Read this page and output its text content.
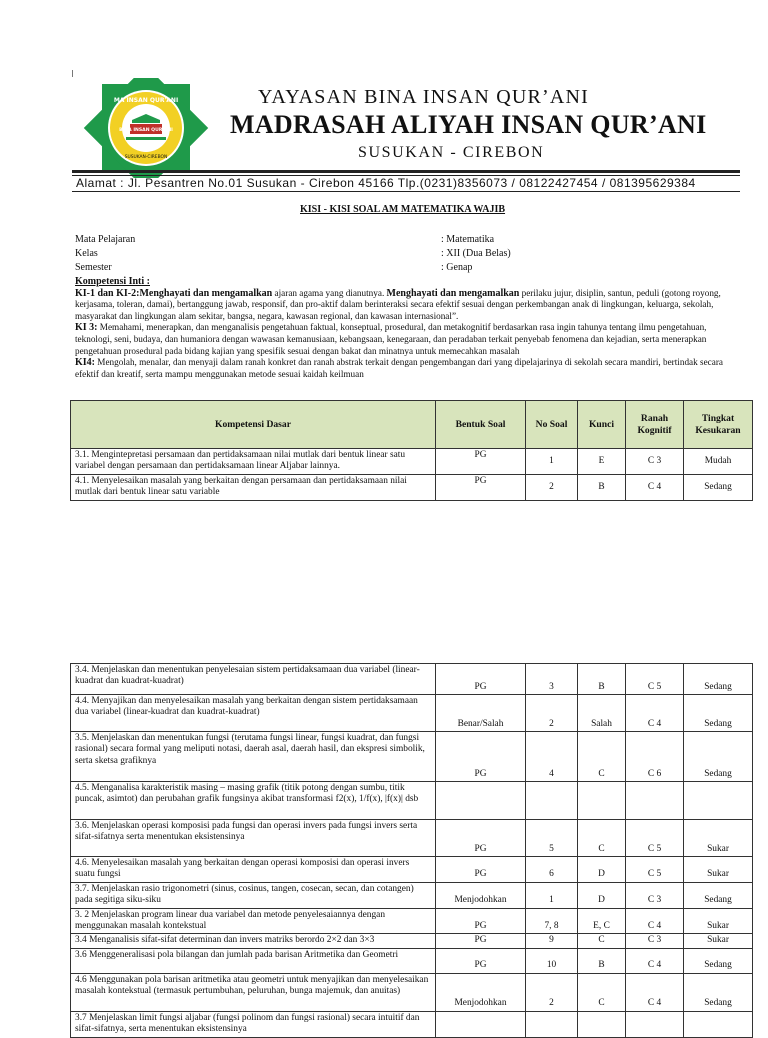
MA INSAN QUR'ANI
BINA INSAN QUR'ANI
SUSUKAN-CIREBON
YAYASAN BINA INSAN QUR’ANI
MADRASAH ALIYAH INSAN QUR’ANI
SUSUKAN - CIREBON
Alamat : Jl. Pesantren No.01 Susukan - Cirebon 45166 Tlp.(0231)8356073 / 08122427454 / 081395629384
KISI - KISI SOAL AM MATEMATIKA WAJIB
Mata Pelajaran	: Matematika
Kelas	: XII (Dua Belas)
Semester	: Genap

Kompetensi Inti :

KI-1 dan KI-2:Menghayati dan mengamalkan ajaran agama yang dianutnya. Menghayati dan mengamalkan perilaku jujur, disiplin, santun, peduli (gotong royong, kerjasama, toleran, damai), bertanggung jawab, responsif, dan pro-aktif dalam berinteraksi secara efektif sesuai dengan perkembangan anak di lingkungan, keluarga, sekolah, masyarakat dan lingkungan alam sekitar, bangsa, negara, kawasan regional, dan kawasan internasional”.

KI 3: Memahami, menerapkan, dan menganalisis pengetahuan faktual, konseptual, prosedural, dan metakognitif berdasarkan rasa ingin tahunya tentang ilmu pengetahuan, teknologi, seni, budaya, dan humaniora dengan wawasan kemanusiaan, kebangsaan, kenegaraan, dan peradaban terkait penyebab fenomena dan kejadian, serta menerapkan pengetahuan prosedural pada bidang kajian yang spesifik sesuai dengan bakat dan minatnya untuk memecahkan masalah

KI4: Mengolah, menalar, dan menyaji dalam ranah konkret dan ranah abstrak terkait dengan pengembangan dari yang dipelajarinya di sekolah secara mandiri, bertindak secara efektif dan kreatif, serta mampu menggunakan metode sesuai kaidah keilmuan

Kompetensi Dasar	Bentuk Soal	No Soal	Kunci	Ranah Kognitif	Tingkat Kesukaran
3.1. Mengintepretasi persamaan dan pertidaksamaan nilai mutlak dari bentuk linear satu variabel dengan persamaan dan pertidaksamaan linear Aljabar lainnya.	PG	1	E	C 3	Mudah
4.1. Menyelesaikan masalah yang berkaitan dengan persamaan dan pertidaksamaan nilai mutlak dari bentuk linear satu variable	PG	2	B	C 4	Sedang
3.4. Menjelaskan dan menentukan penyelesaian sistem pertidaksamaan dua variabel (linear-kuadrat dan kuadrat-kuadrat)	PG	3	B	C 5	Sedang
4.4. Menyajikan dan menyelesaikan masalah yang berkaitan dengan sistem pertidaksamaan dua variabel (linear-kuadrat dan kuadrat-kuadrat)	Benar/Salah	2	Salah	C 4	Sedang
3.5. Menjelaskan dan menentukan fungsi (terutama fungsi linear, fungsi kuadrat, dan fungsi rasional) secara formal yang meliputi notasi, daerah asal, daerah hasil, dan ekspresi simbolik, serta sketsa grafiknya	PG	4	C	C 6	Sedang
4.5. Menganalisa karakteristik masing – masing grafik (titik potong dengan sumbu, titik puncak, asimtot) dan perubahan grafik fungsinya akibat transformasi f2(x), 1/f(x), |f(x)| dsb					
3.6. Menjelaskan operasi komposisi pada fungsi dan operasi invers pada fungsi invers serta sifat-sifatnya serta menentukan eksistensinya	PG	5	C	C 5	Sukar
4.6. Menyelesaikan masalah yang berkaitan dengan operasi komposisi dan operasi invers suatu fungsi	PG	6	D	C 5	Sukar
3.7. Menjelaskan rasio trigonometri (sinus, cosinus, tangen, cosecan, secan, dan cotangen) pada segitiga siku-siku	Menjodohkan	1	D	C 3	Sedang
3. 2 Menjelaskan program linear dua variabel dan metode penyelesaiannya dengan menggunakan masalah kontekstual	PG	7, 8	E, C	C 4	Sukar
3.4 Menganalisis sifat-sifat determinan dan invers matriks berordo 2×2 dan 3×3	PG	9	C	C 3	Sukar
3.6 Menggeneralisasi pola bilangan dan jumlah pada barisan Aritmetika dan Geometri	PG	10	B	C 4	Sedang
4.6 Menggunakan pola barisan aritmetika atau geometri untuk menyajikan dan menyelesaikan masalah kontekstual (termasuk pertumbuhan, peluruhan, bunga majemuk, dan anuitas)	Menjodohkan	2	C	C 4	Sedang
3.7 Menjelaskan limit fungsi aljabar (fungsi polinom dan fungsi rasional) secara intuitif dan sifat-sifatnya, serta menentukan eksistensinya					
